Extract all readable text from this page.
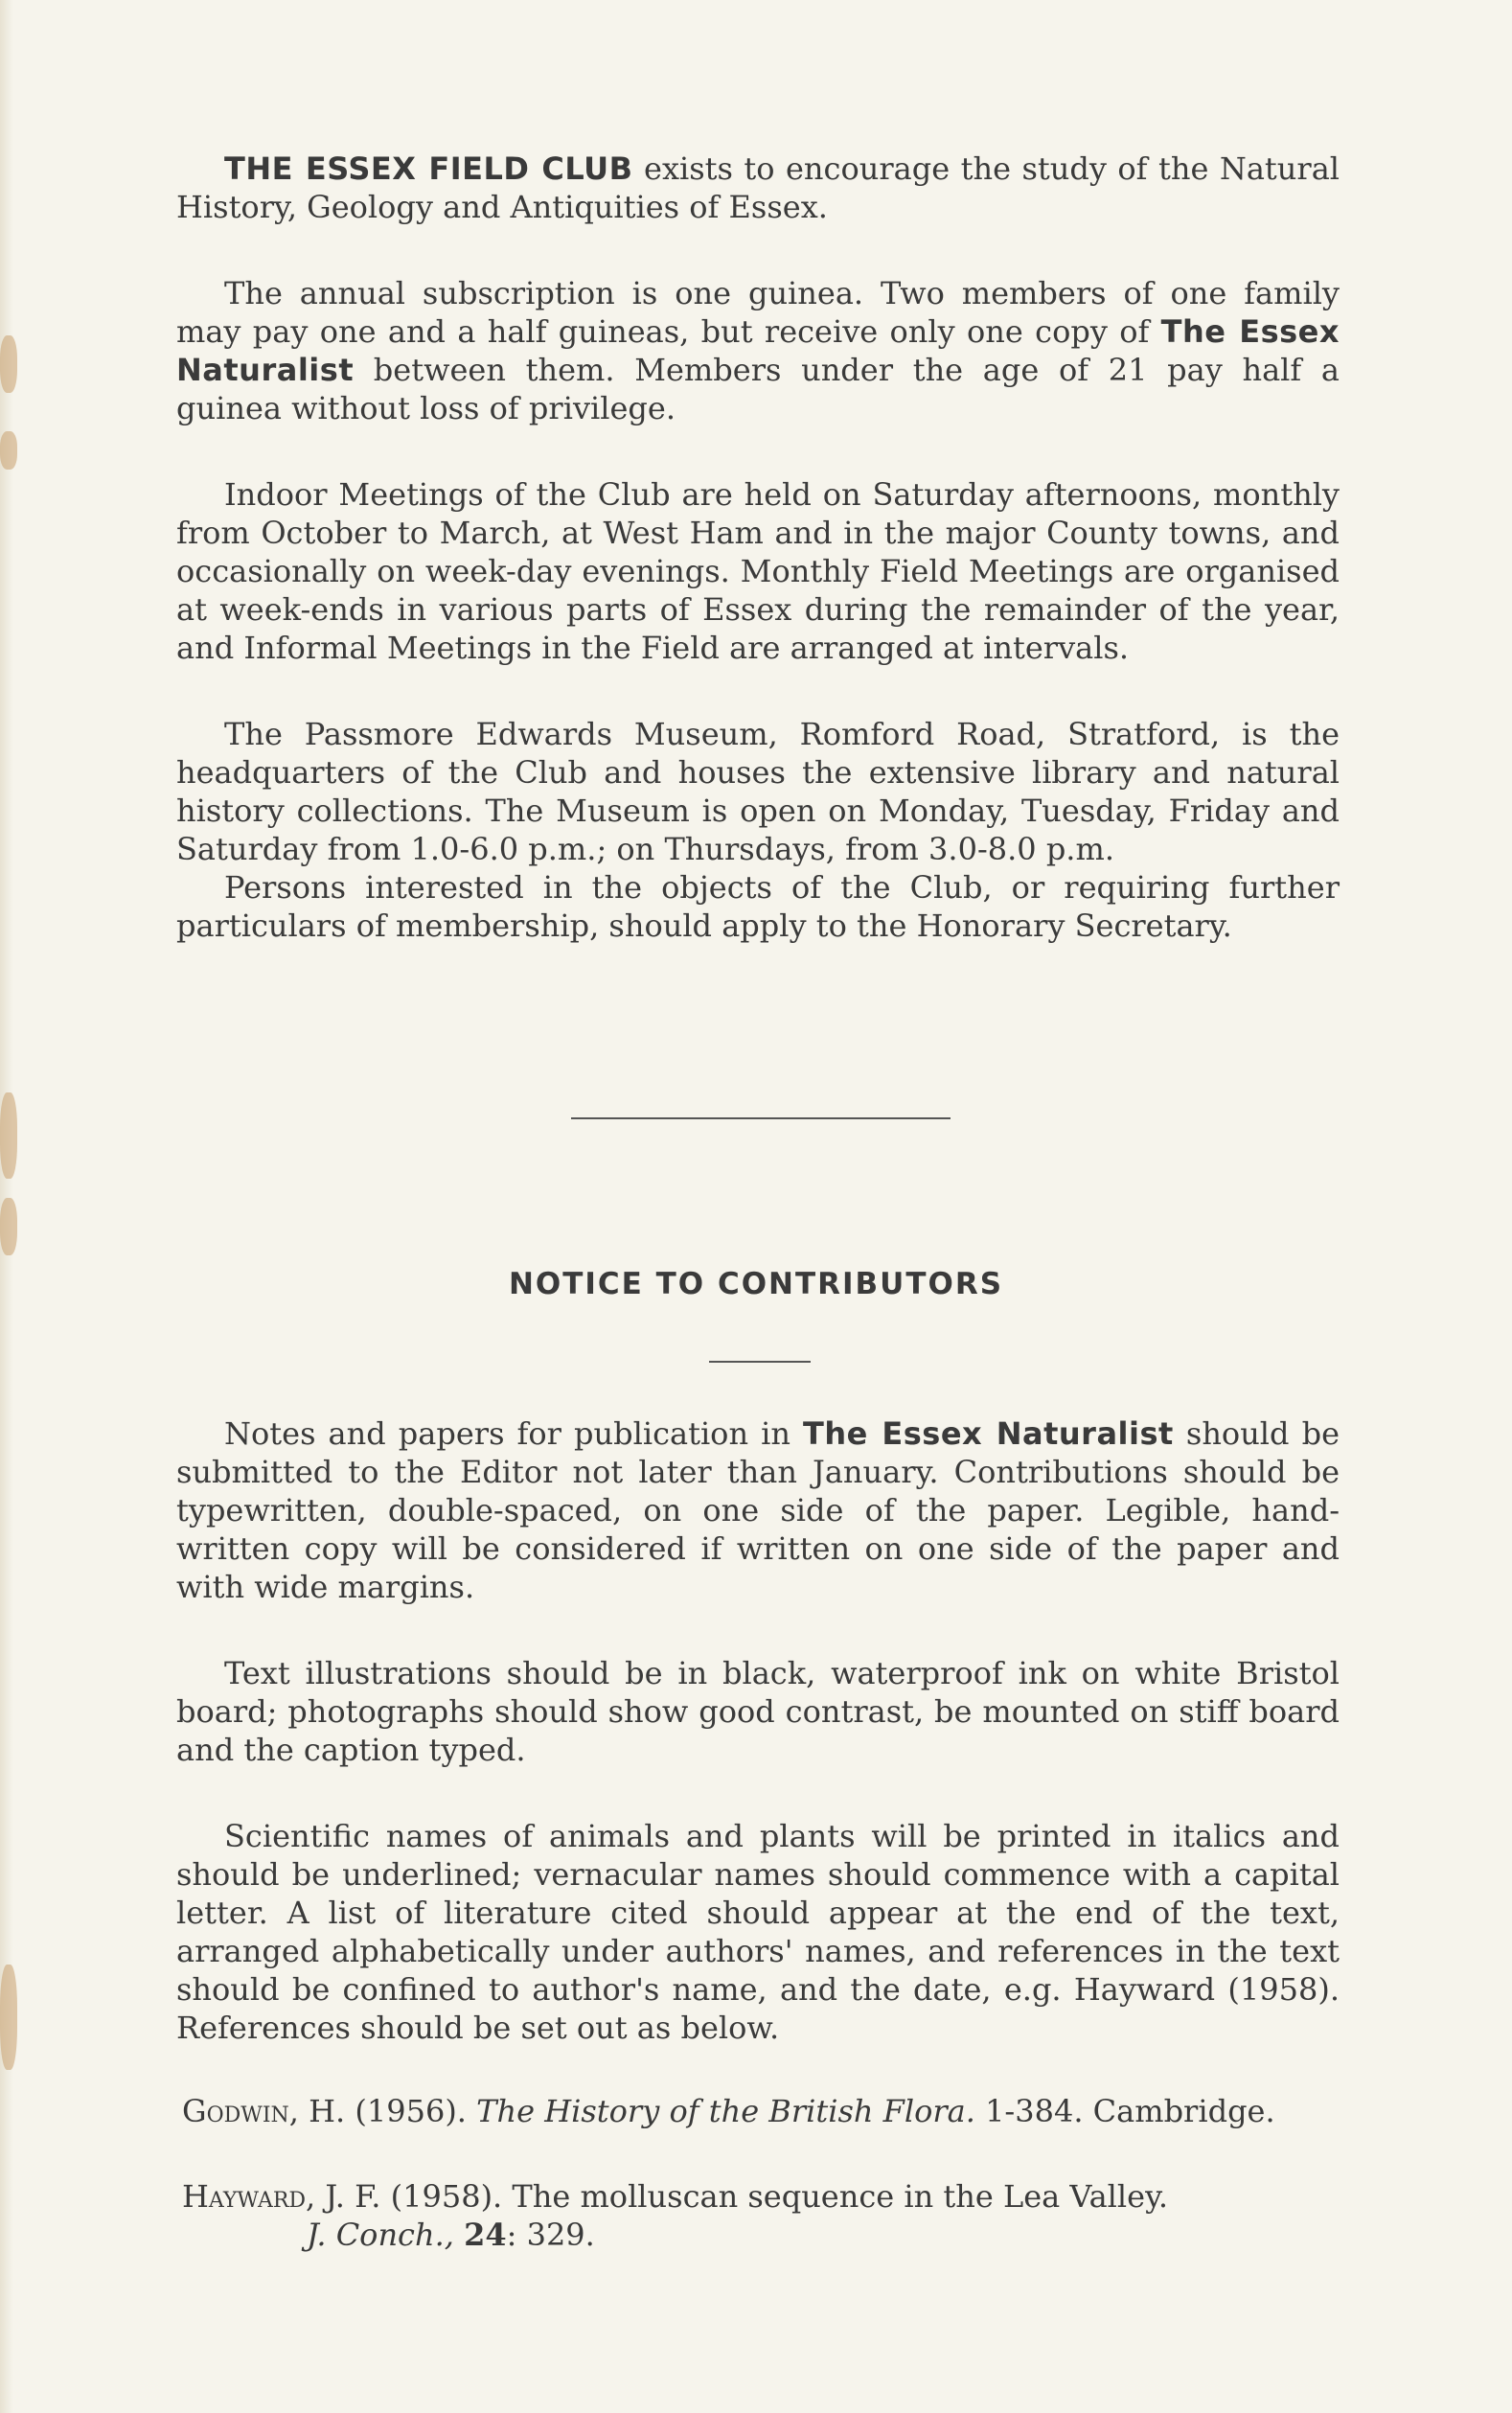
THE ESSEX FIELD CLUB exists to encourage the study of the Natural History, Geology and Antiquities of Essex.

The annual subscription is one guinea. Two members of one family may pay one and a half guineas, but receive only one copy of The Essex Naturalist between them. Members under the age of 21 pay half a guinea without loss of privilege.

Indoor Meetings of the Club are held on Saturday afternoons, monthly from October to March, at West Ham and in the major County towns, and occasionally on week-day evenings. Monthly Field Meetings are organised at week-ends in various parts of Essex during the remainder of the year, and Informal Meetings in the Field are arranged at intervals.

The Passmore Edwards Museum, Romford Road, Stratford, is the headquarters of the Club and houses the extensive library and natural history collections. The Museum is open on Monday, Tuesday, Friday and Saturday from 1.0-6.0 p.m.; on Thursdays, from 3.0-8.0 p.m.

Persons interested in the objects of the Club, or requiring further particulars of membership, should apply to the Honorary Secretary.

NOTICE TO CONTRIBUTORS

Notes and papers for publication in The Essex Naturalist should be submitted to the Editor not later than January. Contributions should be typewritten, double-spaced, on one side of the paper. Legible, hand-written copy will be considered if written on one side of the paper and with wide margins.

Text illustrations should be in black, waterproof ink on white Bristol board; photographs should show good contrast, be mounted on stiff board and the caption typed.

Scientific names of animals and plants will be printed in italics and should be underlined; vernacular names should commence with a capital letter. A list of literature cited should appear at the end of the text, arranged alphabetically under authors' names, and references in the text should be confined to author's name, and the date, e.g. Hayward (1958). References should be set out as below.

Godwin, H. (1956). The History of the British Flora. 1-384. Cambridge.
Hayward, J. F. (1958). The molluscan sequence in the Lea Valley.
J. Conch., 24: 329.
